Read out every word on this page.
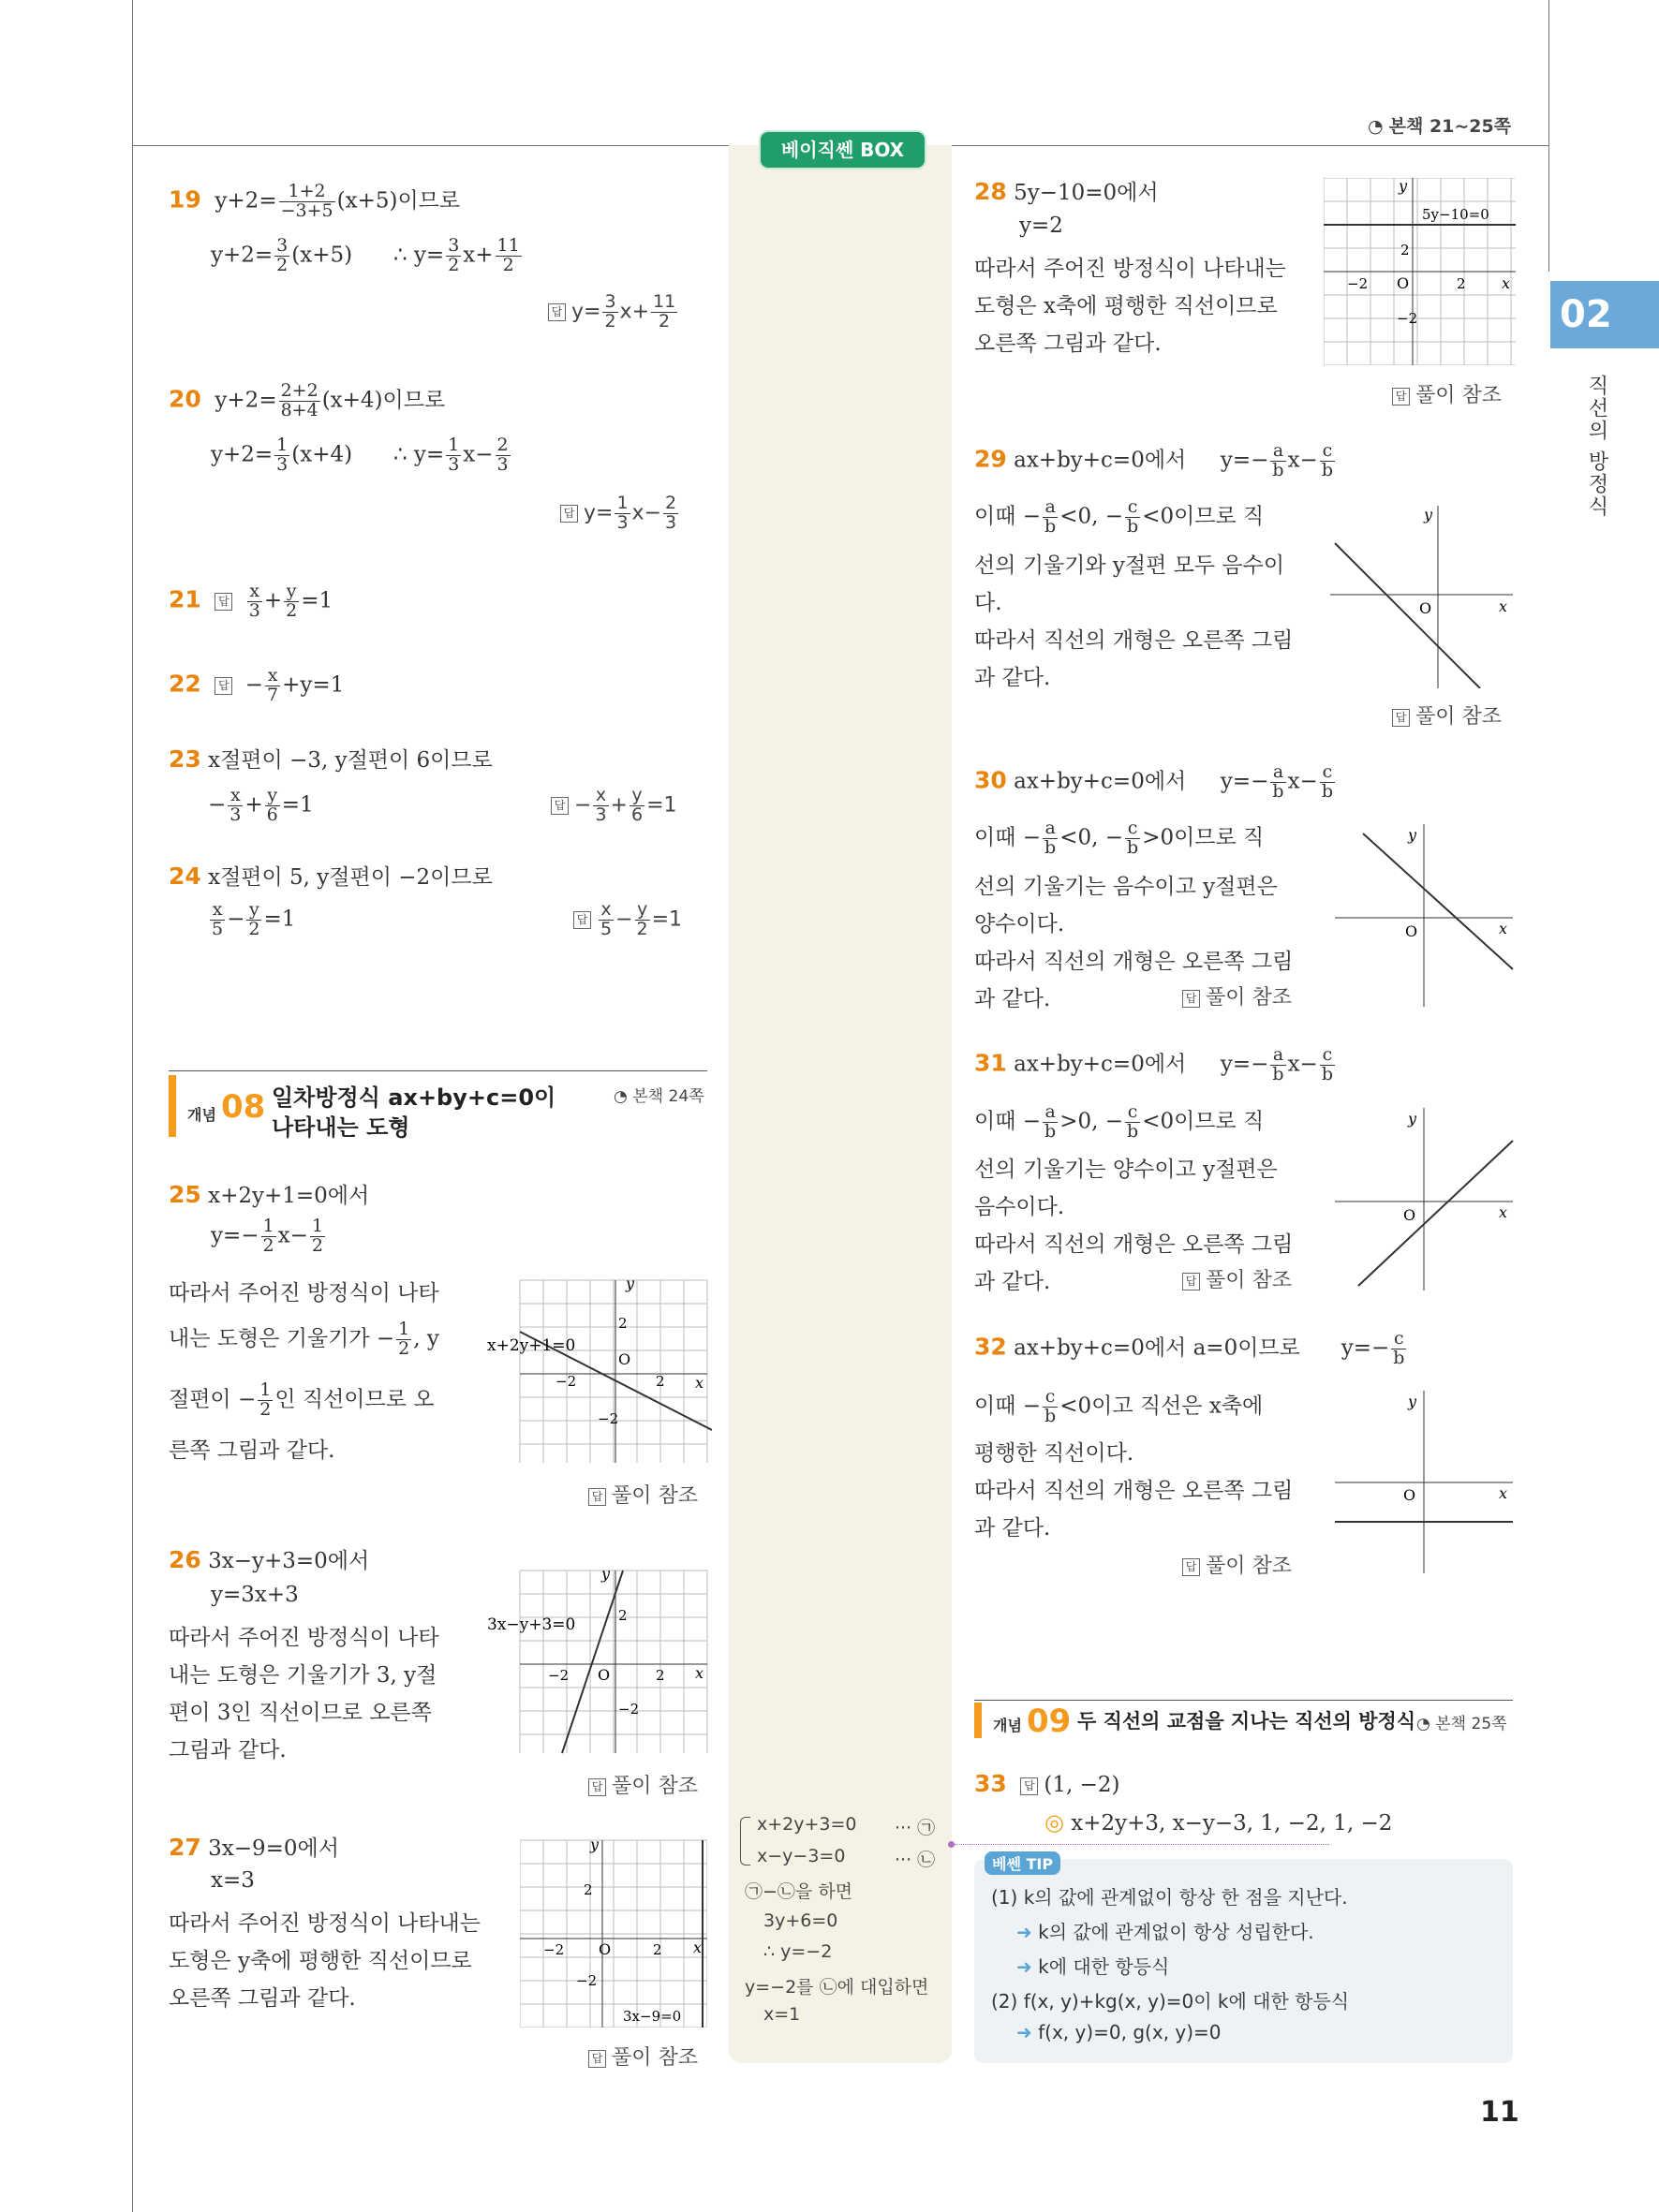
◔ 본책 21~25쪽
베이직쎈 BOX
02
직선의 방정식
19 $y+2= \frac{1+2}{-3+5} (x+5)$이므로
$y+2= \frac{3}{2} (x+5)$ ∴ $y= \frac{3}{2} x+ \frac{11}{2}$
답 $y= \frac{3}{2} x+ \frac{11}{2}$
20 $y+2= \frac{2+2}{8+4} (x+4)$이므로
$y+2= \frac{1}{3} (x+4)$ ∴ $y= \frac{1}{3} x- \frac{2}{3}$
답 $y= \frac{1}{3} x- \frac{2}{3}$
21 답 $\frac{x}{3} + \frac{y}{2} =1$
22 답 − $\frac{x}{7} +y=1$
23 x절편이 −3, y절편이 6이므로
− $\frac{x}{3} + \frac{y}{6} =1$	답 − $\frac{x}{3} + \frac{y}{6} =1$
24 x절편이 5, y절편이 −2이므로
$\frac{x}{5} - \frac{y}{2} =1$	답 $\frac{x}{5} - \frac{y}{2} =1$
개념 08 일차방정식 ax+by+c=0이
나타내는 도형
◔ 본책 24쪽
25 x+2y+1=0에서
$y=- \frac{1}{2} x- \frac{1}{2}$
따라서 주어진 방정식이 나타
내는 도형은 기울기가 − $\frac{1}{2}$ , y
절편이 − $\frac{1}{2}$ 인 직선이므로 오
른쪽 그림과 같다.
x+2y+1=0
y
x
O
−2	2
2
−2
답 풀이 참조
26 3x−y+3=0에서
y=3x+3
따라서 주어진 방정식이 나타
내는 도형은 기울기가 3, y절
편이 3인 직선이므로 오른쪽
그림과 같다.
3x−y+3=0
y
x
O
−2	2
2
−2
답 풀이 참조
27 3x−9=0에서
x=3
따라서 주어진 방정식이 나타내는
도형은 y축에 평행한 직선이므로
오른쪽 그림과 같다.
y
x
O
−2	2
2
−2
3x−9=0
답 풀이 참조
x+2y+3=0 ··· ㉠
x−y−3=0	··· ㉡
㉠−㉡을 하면
3y+6=0
∴ y=−2
y=−2를 ㉡에 대입하면
x=1
28 5y−10=0에서
y=2
따라서 주어진 방정식이 나타내는
도형은 x축에 평행한 직선이므로
오른쪽 그림과 같다.
y
x
O
−2	2
2
−2
5y−10=0
답 풀이 참조
29 ax+by+c=0에서 $y=- \frac{a}{b} x- \frac{c}{b}$
이때 − $\frac{a}{b} <0$, − $\frac{c}{b} <0$이므로 직
선의 기울기와 y절편 모두 음수이
다.
따라서 직선의 개형은 오른쪽 그림
과 같다.
y
x
O
답 풀이 참조
30 ax+by+c=0에서 $y=- \frac{a}{b} x- \frac{c}{b}$
이때 − $\frac{a}{b} <0$, − $\frac{c}{b} >0$이므로 직
선의 기울기는 음수이고 y절편은
양수이다.
따라서 직선의 개형은 오른쪽 그림
과 같다.	답 풀이 참조
y
x
O
31 ax+by+c=0에서 $y=- \frac{a}{b} x- \frac{c}{b}$
이때 − $\frac{a}{b} >0$, − $\frac{c}{b} <0$이므로 직
선의 기울기는 양수이고 y절편은
음수이다.
따라서 직선의 개형은 오른쪽 그림
과 같다.	답 풀이 참조
y
x
O
32 ax+by+c=0에서 a=0이므로 $y=- \frac{c}{b}$
이때 − $\frac{c}{b} <0$이고 직선은 x축에
평행한 직선이다.
따라서 직선의 개형은 오른쪽 그림
과 같다.
답 풀이 참조
y
x
O
개념 09 두 직선의 교점을 지나는 직선의 방정식 ◔ 본책 25쪽
33 답 (1, −2)
◎ x+2y+3, x−y−3, 1, −2, 1, −2
베쎈 TIP
(1) k의 값에 관계없이 항상 한 점을 지난다.
➜ k의 값에 관계없이 항상 성립한다.
➜ k에 대한 항등식
(2) f(x, y)+kg(x, y)=0이 k에 대한 항등식
➜ f(x, y)=0, g(x, y)=0
11
